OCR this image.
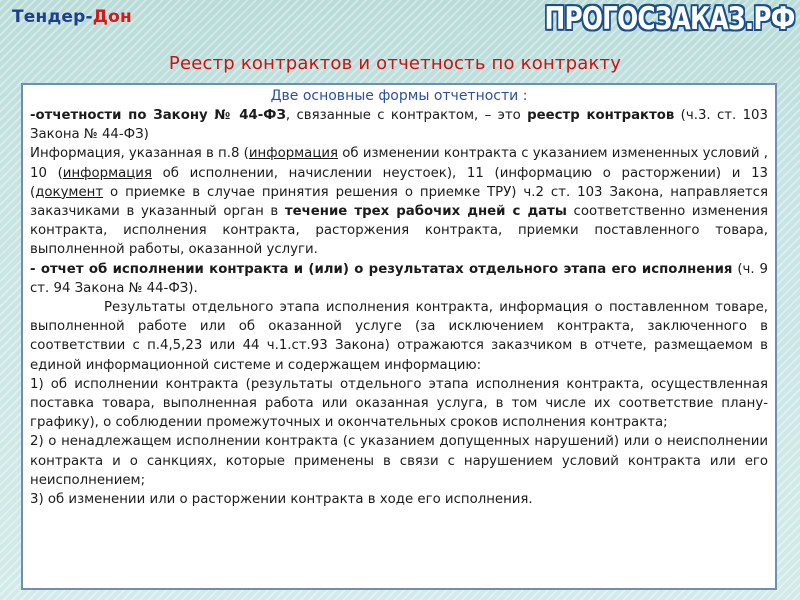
Тендер-Дон	ПРОГОСЗАКАЗ.РФ
Реестр контрактов и отчетность по контракту
Две основные формы отчетности :

-отчетности по Закону № 44-ФЗ, связанные с контрактом, – это реестр контрактов (ч.3. ст. 103 Закона № 44-ФЗ)

Информация, указанная в п.8 (информация об изменении контракта с указанием измененных условий , 10 (информация об исполнении, начислении неустоек), 11 (информацию о расторжении) и 13 (документ о приемке в случае принятия решения о приемке ТРУ) ч.2 ст. 103 Закона, направляется заказчиками в указанный орган в течение трех рабочих дней с даты соответственно изменения контракта, исполнения контракта, расторжения контракта, приемки поставленного товара, выполненной работы, оказанной услуги.

- отчет об исполнении контракта и (или) о результатах отдельного этапа его исполнения (ч. 9 ст. 94 Закона № 44-ФЗ).

Результаты отдельного этапа исполнения контракта, информация о поставленном товаре, выполненной работе или об оказанной услуге (за исключением контракта, заключенного в соответствии с п.4,5,23 или 44 ч.1.ст.93 Закона) отражаются заказчиком в отчете, размещаемом в единой информационной системе и содержащем информацию:

1) об исполнении контракта (результаты отдельного этапа исполнения контракта, осуществленная поставка товара, выполненная работа или оказанная услуга, в том числе их соответствие плану-графику), о соблюдении промежуточных и окончательных сроков исполнения контракта;

2) о ненадлежащем исполнении контракта (с указанием допущенных нарушений) или о неисполнении контракта и о санкциях, которые применены в связи с нарушением условий контракта или его неисполнением;

3) об изменении или о расторжении контракта в ходе его исполнения.
